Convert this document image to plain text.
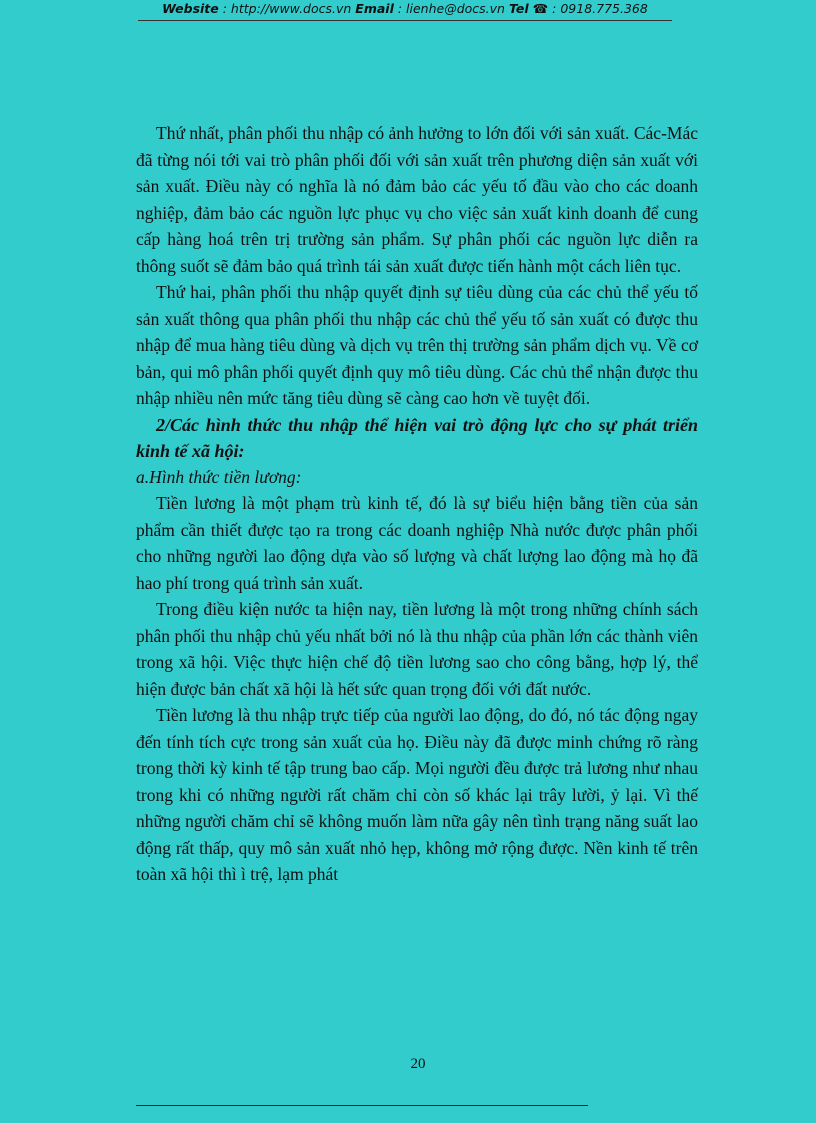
Website : http://www.docs.vn Email : lienhe@docs.vn Tel ☎ : 0918.775.368

Thứ nhất, phân phối thu nhập có ảnh hưởng to lớn đối với sản xuất. Các-Mác đã từng nói tới vai trò phân phối đối với sản xuất trên phương diện sản xuất với sản xuất. Điều này có nghĩa là nó đảm bảo các yếu tố đầu vào cho các doanh nghiệp, đảm bảo các nguồn lực phục vụ cho việc sản xuất kinh doanh để cung cấp hàng hoá trên trị trường sản phẩm. Sự phân phối các nguồn lực diễn ra thông suốt sẽ đảm bảo quá trình tái sản xuất được tiến hành một cách liên tục.

Thứ hai, phân phối thu nhập quyết định sự tiêu dùng của các chủ thể yếu tố sản xuất thông qua phân phối thu nhập các chủ thể yếu tố sản xuất có được thu nhập để mua hàng tiêu dùng và dịch vụ trên thị trường sản phẩm dịch vụ. Về cơ bản, qui mô phân phối quyết định quy mô tiêu dùng. Các chủ thể nhận được thu nhập nhiều nên mức tăng tiêu dùng sẽ càng cao hơn về tuyệt đối.

2/Các hình thức thu nhập thể hiện vai trò động lực cho sự phát triển kinh tế xã hội:

a.Hình thức tiền lương:

Tiền lương là một phạm trù kinh tế, đó là sự biểu hiện bằng tiền của sản phẩm cần thiết được tạo ra trong các doanh nghiệp Nhà nước được phân phối cho những người lao động dựa vào số lượng và chất lượng lao động mà họ đã hao phí trong quá trình sản xuất.

Trong điều kiện nước ta hiện nay, tiền lương là một trong những chính sách phân phối thu nhập chủ yếu nhất bởi nó là thu nhập của phần lớn các thành viên trong xã hội. Việc thực hiện chế độ tiền lương sao cho công bằng, hợp lý, thể hiện được bản chất xã hội là hết sức quan trọng đối với đất nước.

Tiền lương là thu nhập trực tiếp của người lao động, do đó, nó tác động ngay đến tính tích cực trong sản xuất của họ. Điều này đã được minh chứng rõ ràng trong thời kỳ kinh tế tập trung bao cấp. Mọi người đều được trả lương như nhau trong khi có những người rất chăm chỉ còn số khác lại trây lười, ỷ lại. Vì thế những người chăm chỉ sẽ không muốn làm nữa gây nên tình trạng năng suất lao động rất thấp, quy mô sản xuất nhỏ hẹp, không mở rộng được. Nền kinh tế trên toàn xã hội thì ì trệ, lạm phát

20
